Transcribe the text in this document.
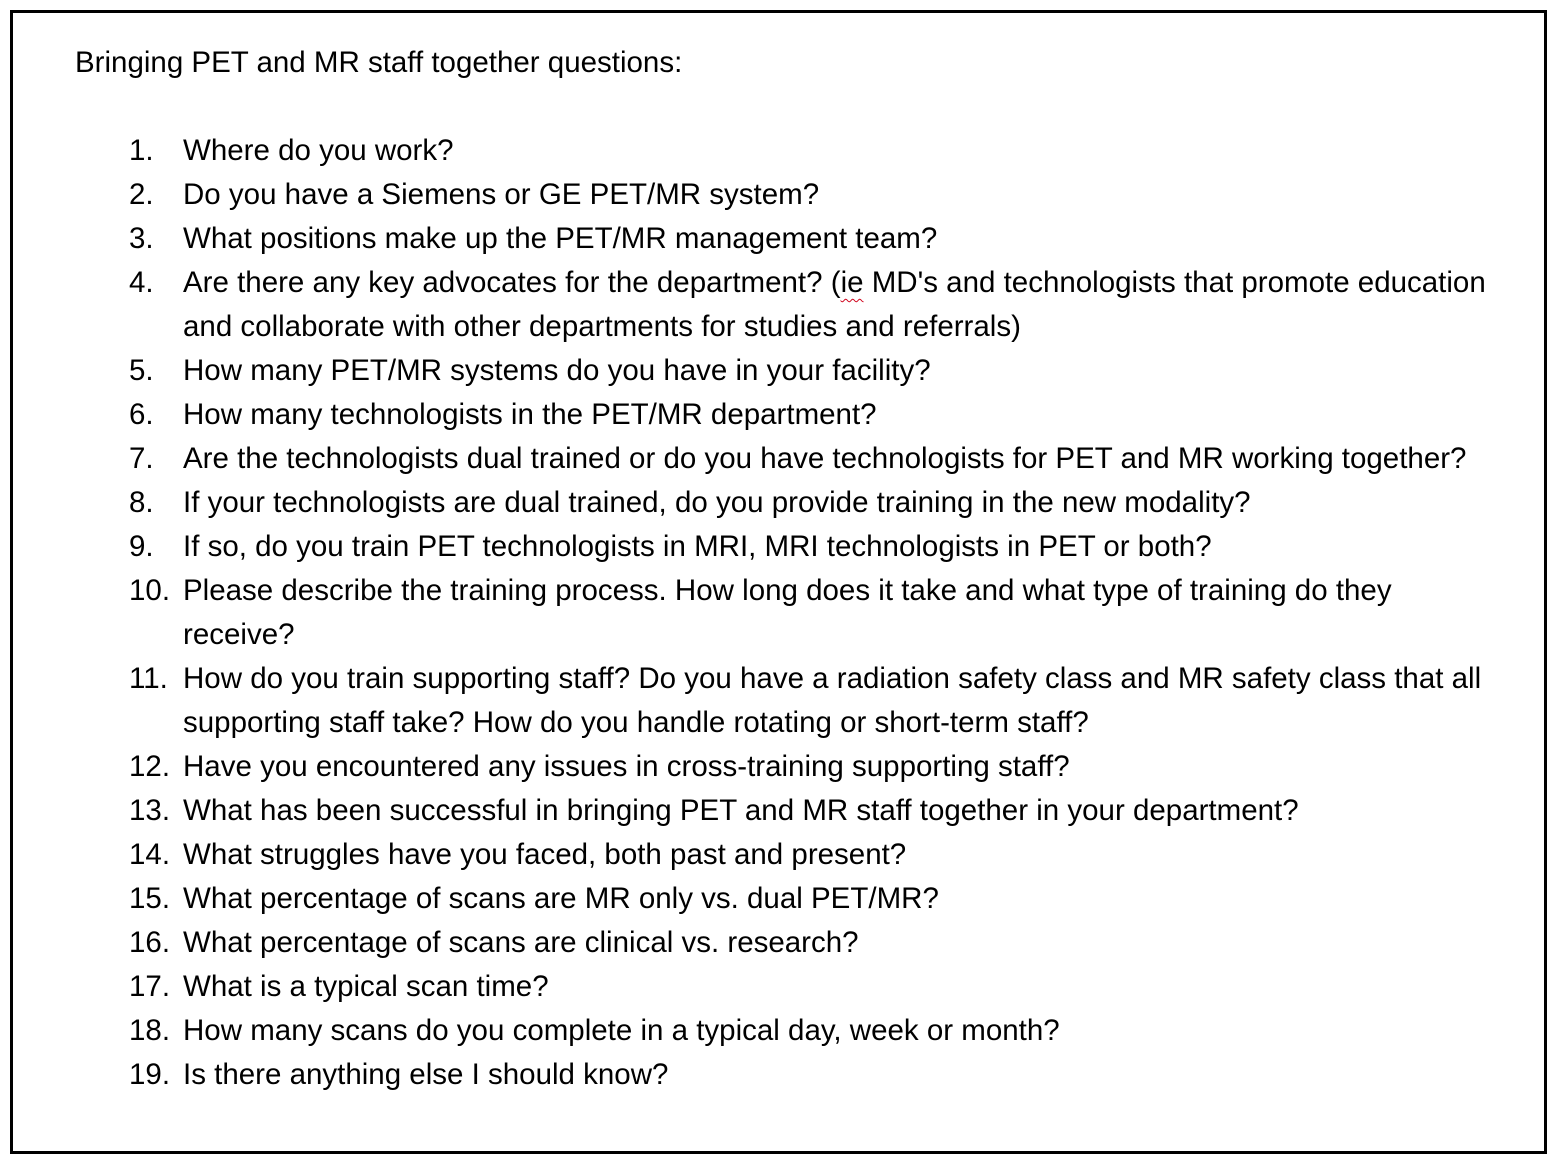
Bringing PET and MR staff together questions:
1. Where do you work?
2. Do you have a Siemens or GE PET/MR system?
3. What positions make up the PET/MR management team?
4. Are there any key advocates for the department? (ie MD's and technologists that promote education and collaborate with other departments for studies and referrals)
5. How many PET/MR systems do you have in your facility?
6. How many technologists in the PET/MR department?
7. Are the technologists dual trained or do you have technologists for PET and MR working together?
8. If your technologists are dual trained, do you provide training in the new modality?
9. If so, do you train PET technologists in MRI, MRI technologists in PET or both?
10. Please describe the training process. How long does it take and what type of training do they receive?
11. How do you train supporting staff? Do you have a radiation safety class and MR safety class that all supporting staff take? How do you handle rotating or short-term staff?
12. Have you encountered any issues in cross-training supporting staff?
13. What has been successful in bringing PET and MR staff together in your department?
14. What struggles have you faced, both past and present?
15. What percentage of scans are MR only vs. dual PET/MR?
16. What percentage of scans are clinical vs. research?
17. What is a typical scan time?
18. How many scans do you complete in a typical day, week or month?
19. Is there anything else I should know?
